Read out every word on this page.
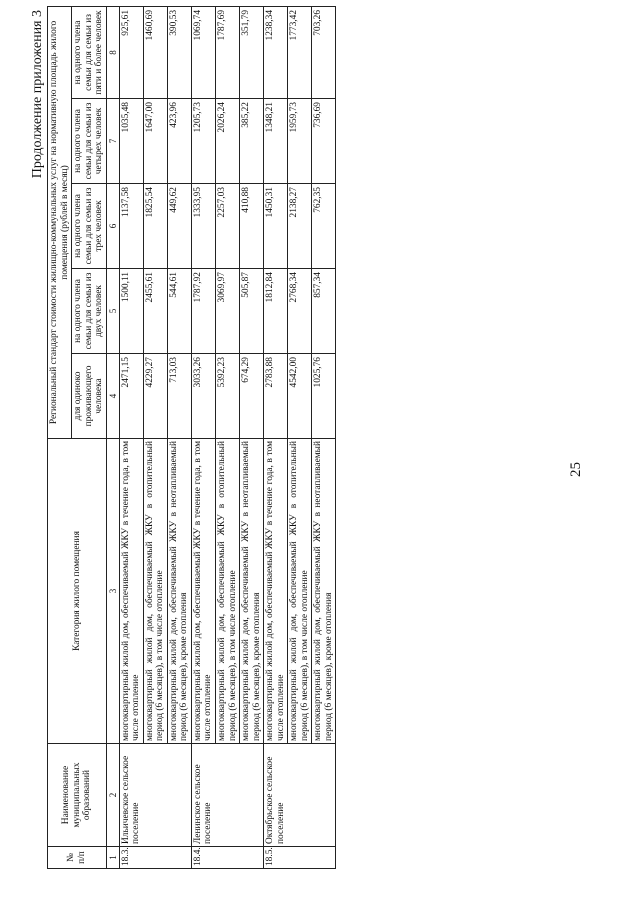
25
Продолжение приложения 3
№ п/п	Наименование муниципальных образований	Категория жилого помещения	Региональный стандарт стоимости жилищно-коммунальных услуг на нормативную площадь жилого помещения (рублей в месяц)				
			для одиноко проживающего человека	на одного члена семьи для семьи из двух человек	на одного члена семьи для семьи из трех человек	на одного члена семьи для семьи из четырех человек	на одного члена семьи для семьи из пяти и более человек
1	2	3	4	5	6	7	8
18.3.	Ильичевское сельское поселение	многоквартирный жилой дом, обеспечиваемый ЖКУ в течение года, в том числе отопление	2471,15	1500,11	1137,58	1035,48	925,61
		многоквартирный жилой дом, обеспечиваемый ЖКУ в отопительный период (6 месяцев), в том числе отопление	4229,27	2455,61	1825,54	1647,00	1460,69
		многоквартирный жилой дом, обеспечиваемый ЖКУ в неотапливаемый период (6 месяцев), кроме отопления	713,03	544,61	449,62	423,96	390,53
18.4.	Ленинское сельское поселение	многоквартирный жилой дом, обеспечиваемый ЖКУ в течение года, в том числе отопление	3033,26	1787,92	1333,95	1205,73	1069,74
		многоквартирный жилой дом, обеспечиваемый ЖКУ в отопительный период (6 месяцев), в том числе отопление	5392,23	3069,97	2257,03	2026,24	1787,69
		многоквартирный жилой дом, обеспечиваемый ЖКУ в неотапливаемый период (6 месяцев), кроме отопления	674,29	505,87	410,88	385,22	351,79
18.5.	Октябрьское сельское поселение	многоквартирный жилой дом, обеспечиваемый ЖКУ в течение года, в том числе отопление	2783,88	1812,84	1450,31	1348,21	1238,34
		многоквартирный жилой дом, обеспечиваемый ЖКУ в отопительный период (6 месяцев), в том числе отопление	4542,00	2768,34	2138,27	1959,73	1773,42
		многоквартирный жилой дом, обеспечиваемый ЖКУ в неотапливаемый период (6 месяцев), кроме отопления	1025,76	857,34	762,35	736,69	703,26
